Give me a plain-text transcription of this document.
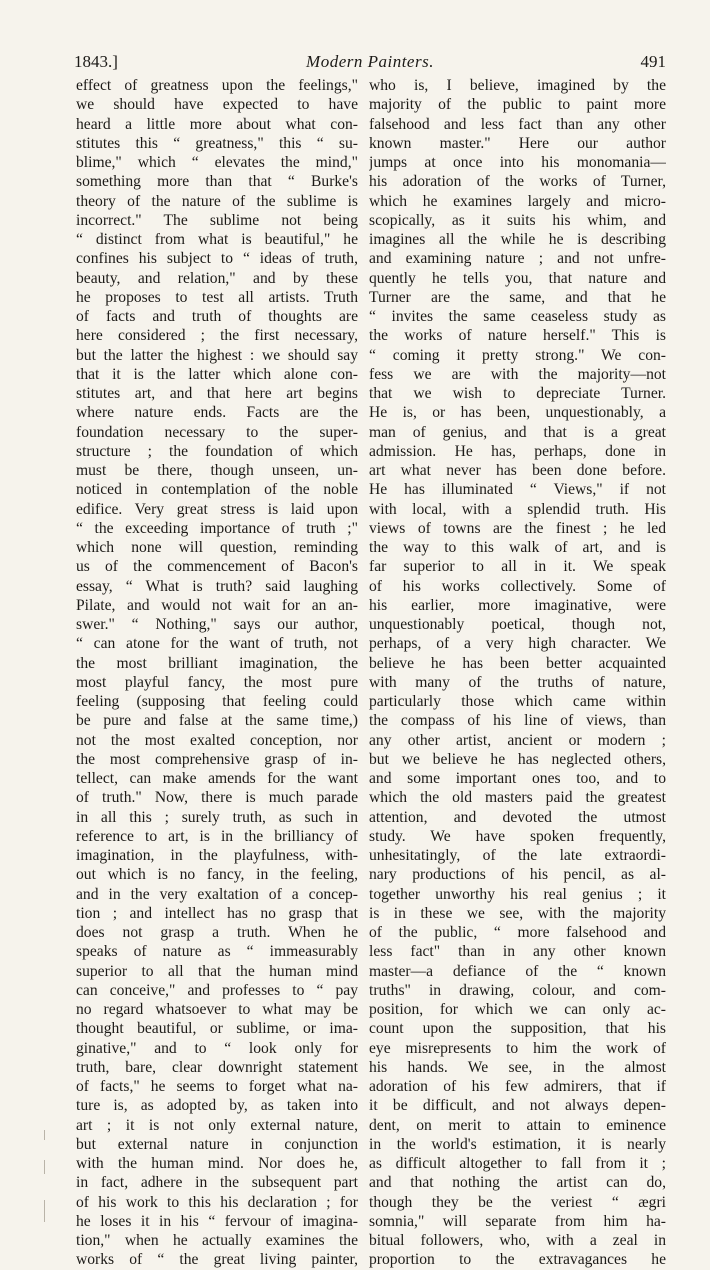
1843.]	Modern Painters.	491
effect of greatness upon the feelings,"
we should have expected to have
heard a little more about what con-
stitutes this “ greatness," this “ su-
blime," which “ elevates the mind,"
something more than that “ Burke's
theory of the nature of the sublime is
incorrect." The sublime not being
“ distinct from what is beautiful," he
confines his subject to “ ideas of truth,
beauty, and relation," and by these
he proposes to test all artists. Truth
of facts and truth of thoughts are
here considered ; the first necessary,
but the latter the highest : we should say
that it is the latter which alone con-
stitutes art, and that here art begins
where nature ends. Facts are the
foundation necessary to the super-
structure ; the foundation of which
must be there, though unseen, un-
noticed in contemplation of the noble
edifice. Very great stress is laid upon
“ the exceeding importance of truth ;"
which none will question, reminding
us of the commencement of Bacon's
essay, “ What is truth? said laughing
Pilate, and would not wait for an an-
swer." “ Nothing," says our author,
“ can atone for the want of truth, not
the most brilliant imagination, the
most playful fancy, the most pure
feeling (supposing that feeling could
be pure and false at the same time,)
not the most exalted conception, nor
the most comprehensive grasp of in-
tellect, can make amends for the want
of truth." Now, there is much parade
in all this ; surely truth, as such in
reference to art, is in the brilliancy of
imagination, in the playfulness, with-
out which is no fancy, in the feeling,
and in the very exaltation of a concep-
tion ; and intellect has no grasp that
does not grasp a truth. When he
speaks of nature as “ immeasurably
superior to all that the human mind
can conceive," and professes to “ pay
no regard whatsoever to what may be
thought beautiful, or sublime, or ima-
ginative," and to “ look only for
truth, bare, clear downright statement
of facts," he seems to forget what na-
ture is, as adopted by, as taken into
art ; it is not only external nature,
but external nature in conjunction
with the human mind. Nor does he,
in fact, adhere in the subsequent part
of his work to this his declaration ; for
he loses it in his “ fervour of imagina-
tion," when he actually examines the
works of “ the great living painter,
who is, I believe, imagined by the
majority of the public to paint more
falsehood and less fact than any other
known master." Here our author
jumps at once into his monomania—
his adoration of the works of Turner,
which he examines largely and micro-
scopically, as it suits his whim, and
imagines all the while he is describing
and examining nature ; and not unfre-
quently he tells you, that nature and
Turner are the same, and that he
“ invites the same ceaseless study as
the works of nature herself." This is
“ coming it pretty strong." We con-
fess we are with the majority—not
that we wish to depreciate Turner.
He is, or has been, unquestionably, a
man of genius, and that is a great
admission. He has, perhaps, done in
art what never has been done before.
He has illuminated “ Views," if not
with local, with a splendid truth. His
views of towns are the finest ; he led
the way to this walk of art, and is
far superior to all in it. We speak
of his works collectively. Some of
his earlier, more imaginative, were
unquestionably poetical, though not,
perhaps, of a very high character. We
believe he has been better acquainted
with many of the truths of nature,
particularly those which came within
the compass of his line of views, than
any other artist, ancient or modern ;
but we believe he has neglected others,
and some important ones too, and to
which the old masters paid the greatest
attention, and devoted the utmost
study. We have spoken frequently,
unhesitatingly, of the late extraordi-
nary productions of his pencil, as al-
together unworthy his real genius ; it
is in these we see, with the majority
of the public, “ more falsehood and
less fact" than in any other known
master—a defiance of the “ known
truths" in drawing, colour, and com-
position, for which we can only ac-
count upon the supposition, that his
eye misrepresents to him the work of
his hands. We see, in the almost
adoration of his few admirers, that if
it be difficult, and not always depen-
dent, on merit to attain to eminence
in the world's estimation, it is nearly
as difficult altogether to fall from it ;
and that nothing the artist can do,
though they be the veriest “ ægri
somnia," will separate from him ha-
bitual followers, who, with a zeal in
proportion to the extravagances he
